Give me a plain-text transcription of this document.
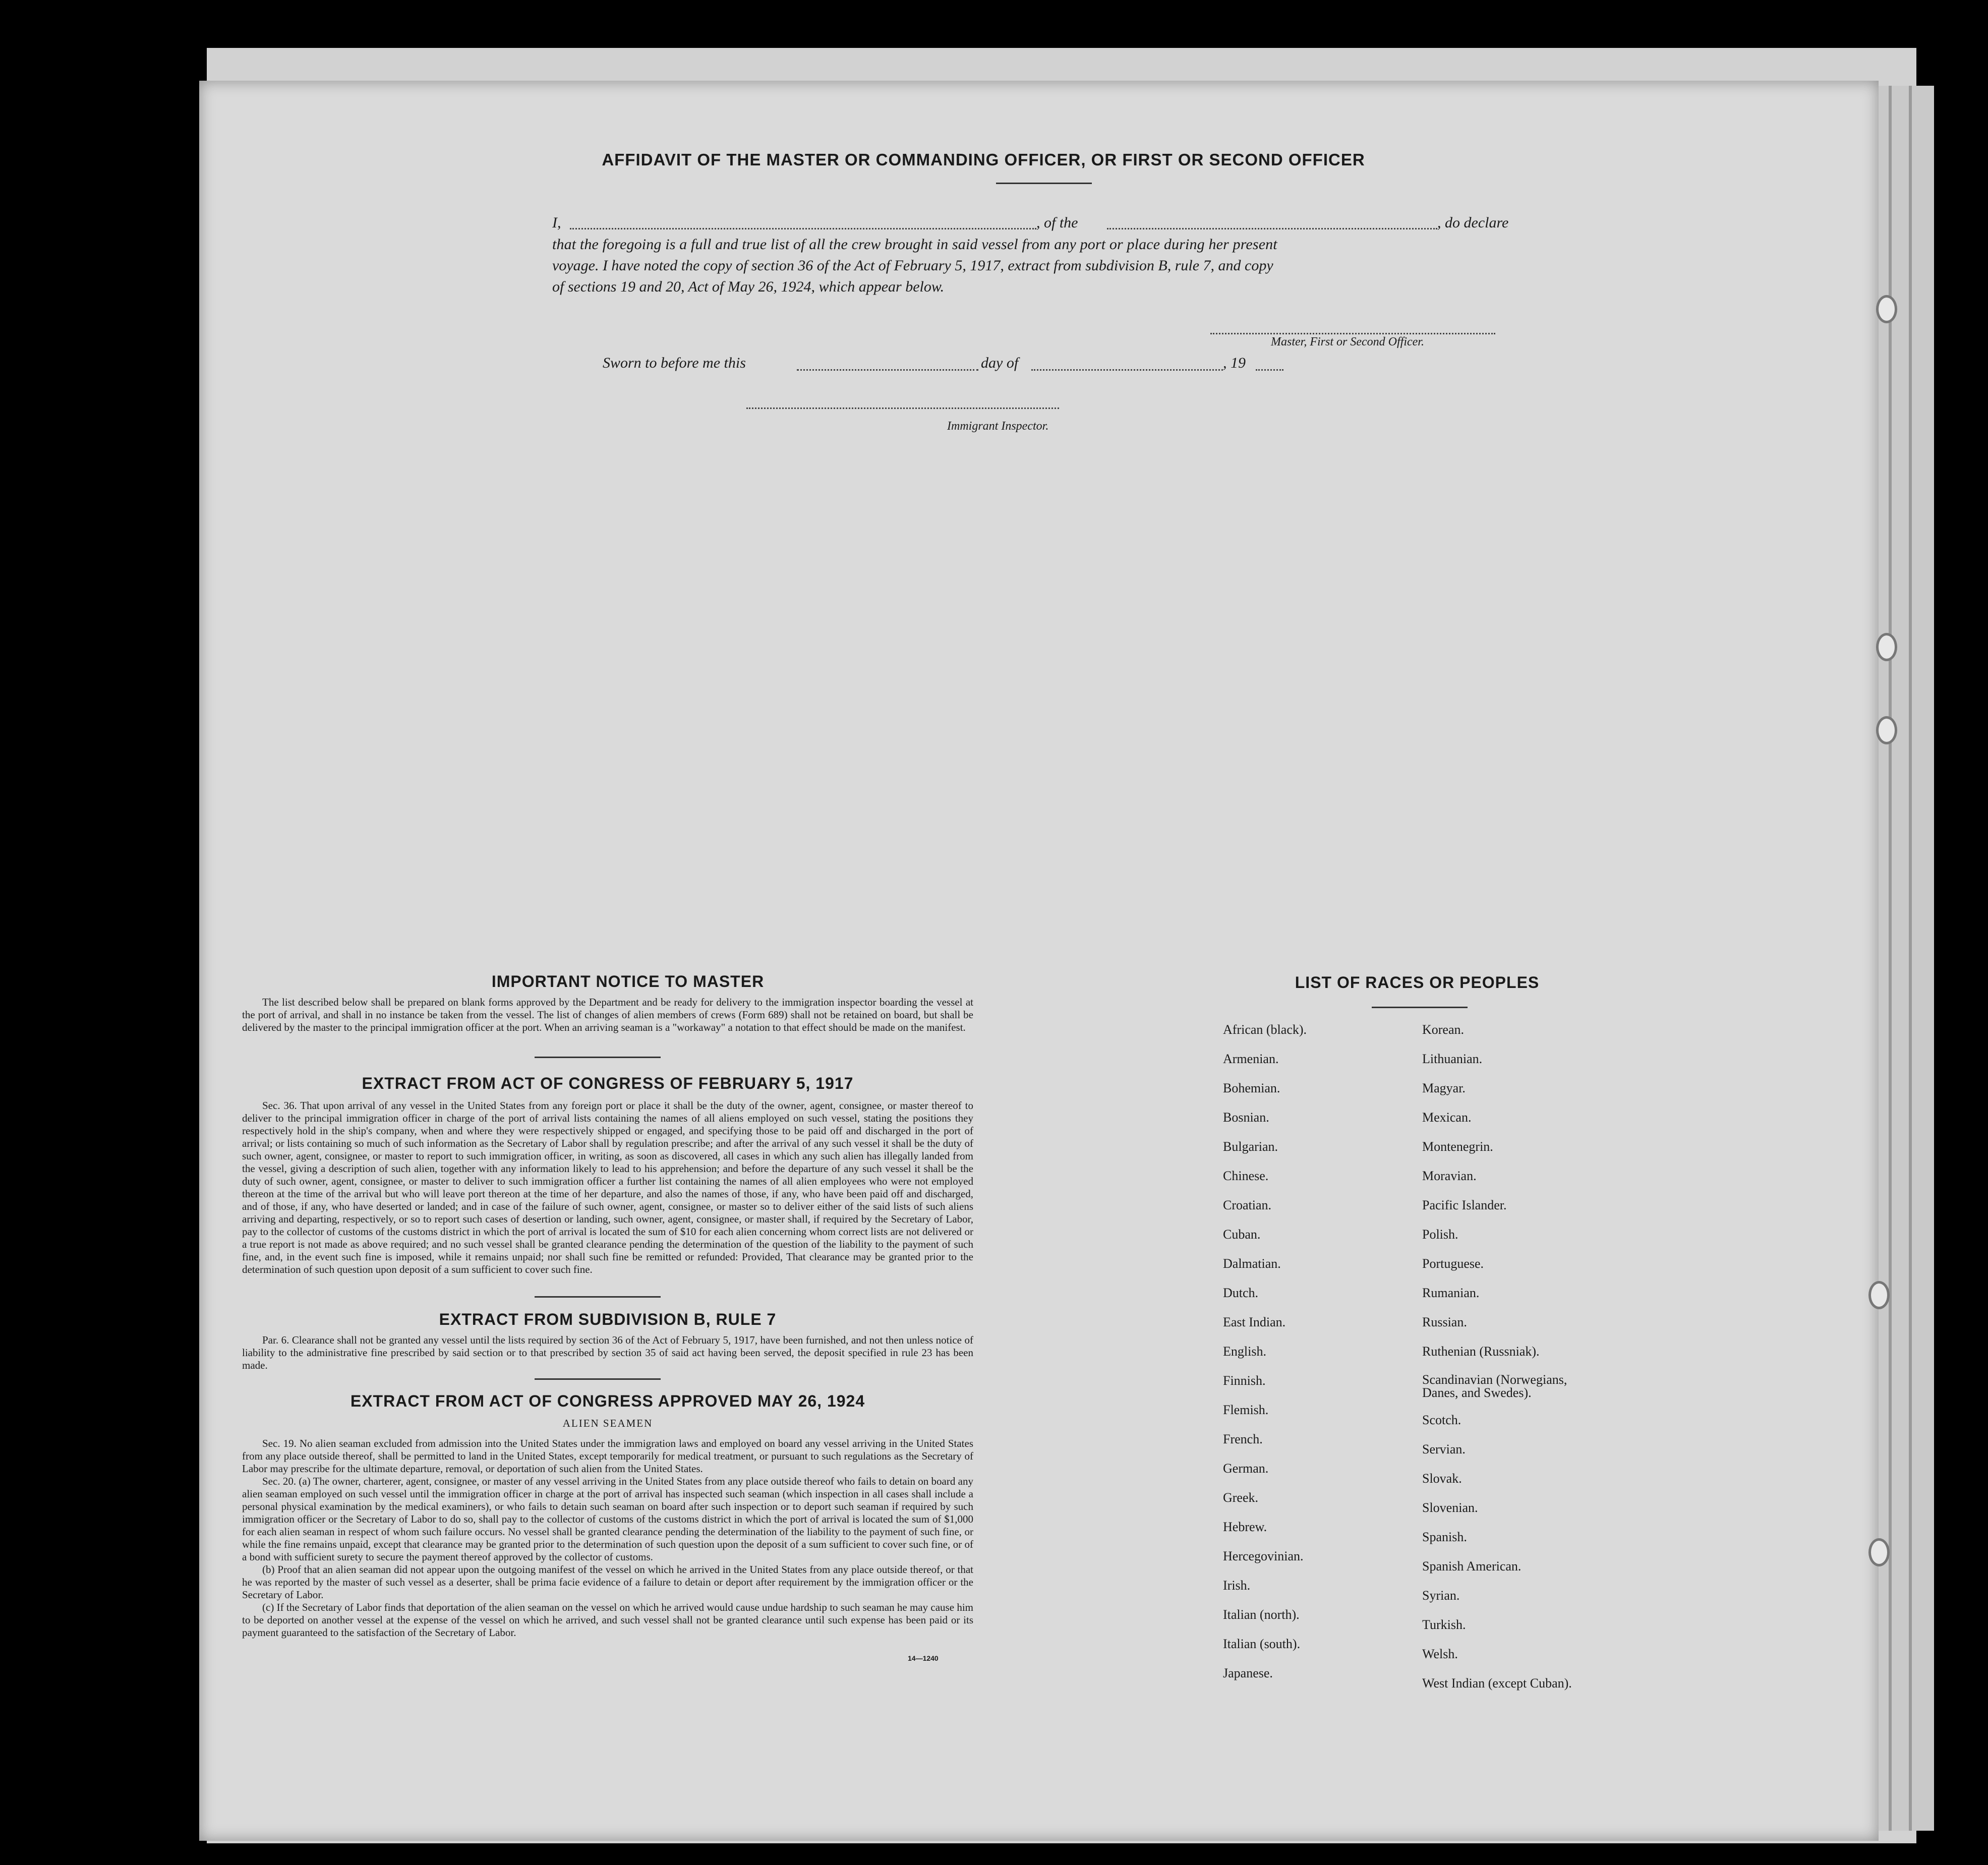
AFFIDAVIT OF THE MASTER OR COMMANDING OFFICER, OR FIRST OR SECOND OFFICER
I,	, of the	, do declare
that the foregoing is a full and true list of all the crew brought in said vessel from any port or place during her present
voyage. I have noted the copy of section 36 of the Act of February 5, 1917, extract from subdivision B, rule 7, and copy
of sections 19 and 20, Act of May 26, 1924, which appear below.
Master, First or Second Officer.
Sworn to before me this	day of	, 19
Immigrant Inspector.
IMPORTANT NOTICE TO MASTER

The list described below shall be prepared on blank forms approved by the Department and be ready for delivery to the immigration inspector boarding the vessel at the port of arrival, and shall in no instance be taken from the vessel. The list of changes of alien members of crews (Form 689) shall not be retained on board, but shall be delivered by the master to the principal immigration officer at the port. When an arriving seaman is a "workaway" a notation to that effect should be made on the manifest.

EXTRACT FROM ACT OF CONGRESS OF FEBRUARY 5, 1917

Sec. 36. That upon arrival of any vessel in the United States from any foreign port or place it shall be the duty of the owner, agent, consignee, or master thereof to deliver to the principal immigration officer in charge of the port of arrival lists containing the names of all aliens employed on such vessel, stating the positions they respectively hold in the ship's company, when and where they were respectively shipped or engaged, and specifying those to be paid off and discharged in the port of arrival; or lists containing so much of such information as the Secretary of Labor shall by regulation prescribe; and after the arrival of any such vessel it shall be the duty of such owner, agent, consignee, or master to report to such immigration officer, in writing, as soon as discovered, all cases in which any such alien has illegally landed from the vessel, giving a description of such alien, together with any information likely to lead to his apprehension; and before the departure of any such vessel it shall be the duty of such owner, agent, consignee, or master to deliver to such immigration officer a further list containing the names of all alien employees who were not employed thereon at the time of the arrival but who will leave port thereon at the time of her departure, and also the names of those, if any, who have been paid off and discharged, and of those, if any, who have deserted or landed; and in case of the failure of such owner, agent, consignee, or master so to deliver either of the said lists of such aliens arriving and departing, respectively, or so to report such cases of desertion or landing, such owner, agent, consignee, or master shall, if required by the Secretary of Labor, pay to the collector of customs of the customs district in which the port of arrival is located the sum of $10 for each alien concerning whom correct lists are not delivered or a true report is not made as above required; and no such vessel shall be granted clearance pending the determination of the question of the liability to the payment of such fine, and, in the event such fine is imposed, while it remains unpaid; nor shall such fine be remitted or refunded: Provided, That clearance may be granted prior to the determination of such question upon deposit of a sum sufficient to cover such fine.

EXTRACT FROM SUBDIVISION B, RULE 7

Par. 6. Clearance shall not be granted any vessel until the lists required by section 36 of the Act of February 5, 1917, have been furnished, and not then unless notice of liability to the administrative fine prescribed by said section or to that prescribed by section 35 of said act having been served, the deposit specified in rule 23 has been made.

EXTRACT FROM ACT OF CONGRESS APPROVED MAY 26, 1924
ALIEN SEAMEN

Sec. 19. No alien seaman excluded from admission into the United States under the immigration laws and employed on board any vessel arriving in the United States from any place outside thereof, shall be permitted to land in the United States, except temporarily for medical treatment, or pursuant to such regulations as the Secretary of Labor may prescribe for the ultimate departure, removal, or deportation of such alien from the United States.

Sec. 20. (a) The owner, charterer, agent, consignee, or master of any vessel arriving in the United States from any place outside thereof who fails to detain on board any alien seaman employed on such vessel until the immigration officer in charge at the port of arrival has inspected such seaman (which inspection in all cases shall include a personal physical examination by the medical examiners), or who fails to detain such seaman on board after such inspection or to deport such seaman if required by such immigration officer or the Secretary of Labor to do so, shall pay to the collector of customs of the customs district in which the port of arrival is located the sum of $1,000 for each alien seaman in respect of whom such failure occurs. No vessel shall be granted clearance pending the determination of the liability to the payment of such fine, or while the fine remains unpaid, except that clearance may be granted prior to the determination of such question upon the deposit of a sum sufficient to cover such fine, or of a bond with sufficient surety to secure the payment thereof approved by the collector of customs.

(b) Proof that an alien seaman did not appear upon the outgoing manifest of the vessel on which he arrived in the United States from any place outside thereof, or that he was reported by the master of such vessel as a deserter, shall be prima facie evidence of a failure to detain or deport after requirement by the immigration officer or the Secretary of Labor.

(c) If the Secretary of Labor finds that deportation of the alien seaman on the vessel on which he arrived would cause undue hardship to such seaman he may cause him to be deported on another vessel at the expense of the vessel on which he arrived, and such vessel shall not be granted clearance until such expense has been paid or its payment guaranteed to the satisfaction of the Secretary of Labor.

14—1240
LIST OF RACES OR PEOPLES
African (black).
Armenian.
Bohemian.
Bosnian.
Bulgarian.
Chinese.
Croatian.
Cuban.
Dalmatian.
Dutch.
East Indian.
English.
Finnish.
Flemish.
French.
German.
Greek.
Hebrew.
Hercegovinian.
Irish.
Italian (north).
Italian (south).
Japanese.
Korean.
Lithuanian.
Magyar.
Mexican.
Montenegrin.
Moravian.
Pacific Islander.
Polish.
Portuguese.
Rumanian.
Russian.
Ruthenian (Russniak).
Scandinavian (Norwegians, Danes, and Swedes).
Scotch.
Servian.
Slovak.
Slovenian.
Spanish.
Spanish American.
Syrian.
Turkish.
Welsh.
West Indian (except Cuban).
